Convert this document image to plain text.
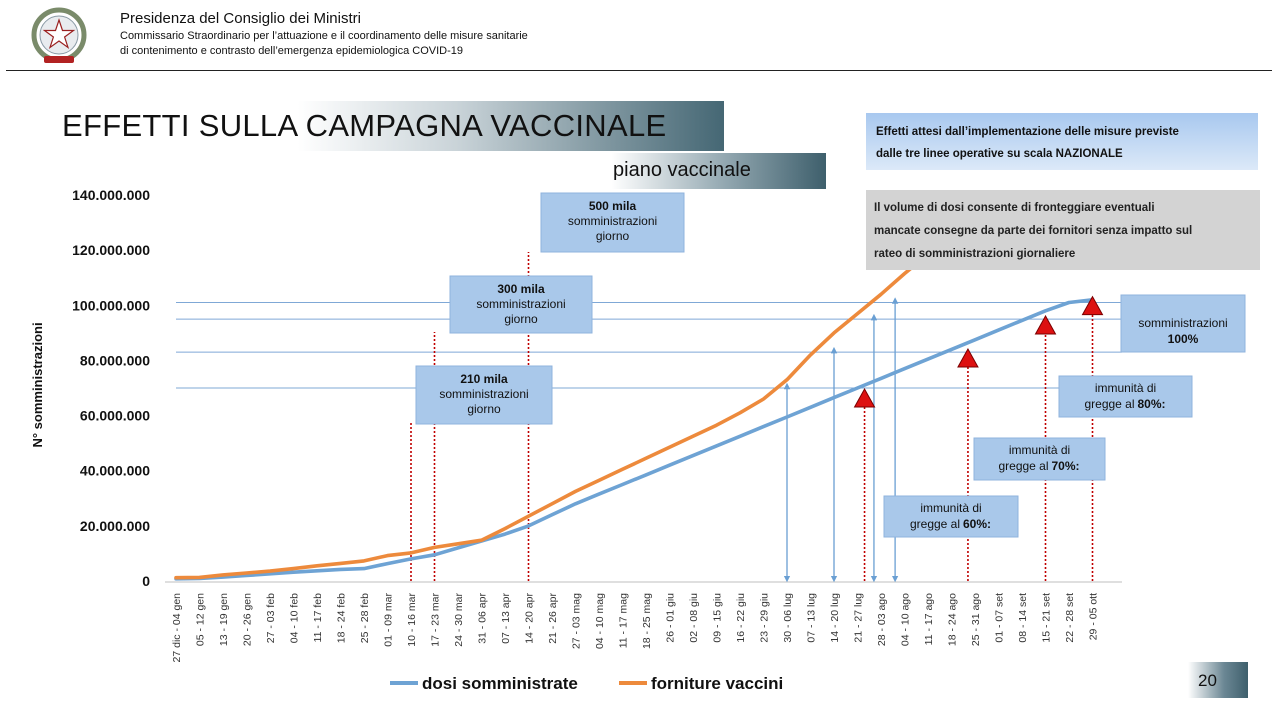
Presidenza del Consiglio dei Ministri
Commissario Straordinario per l’attuazione e il coordinamento delle misure sanitarie
di contenimento e contrasto dell’emergenza epidemiologica COVID-19
EFFETTI SULLA CAMPAGNA VACCINALE
piano vaccinale
0
20.000.000
40.000.000
60.000.000
80.000.000
100.000.000
120.000.000
140.000.000
N° somministrazioni
27 dic - 04 gen 05 - 12 gen 13 - 19 gen 20 - 26 gen 27 - 03 feb 04 - 10 feb 11 - 17 feb 18 - 24 feb 25 - 28 feb 01 - 09 mar 10 - 16 mar 17 - 23 mar 24 - 30 mar 31 - 06 apr 07 - 13 apr 14 - 20 apr 21 - 26 apr 27 - 03 mag 04 - 10 mag 11 - 17 mag 18 - 25 mag 26 - 01 giu 02 - 08 giu 09 - 15 giu 16 - 22 giu 23 - 29 giu 30 - 06 lug 07 - 13 lug 14 - 20 lug 21 - 27 lug 28 - 03 ago 04 - 10 ago 11 - 17 ago 18 - 24 ago 25 - 31 ago 01 - 07 set 08 - 14 set 15 - 21 set 22 - 28 set 29 - 05 ott
210 mila
somministrazioni
giorno
300 mila
somministrazioni
giorno
500 mila
somministrazioni
giorno
immunità di
gregge al 60%:
immunità di
gregge al 70%:
immunità di
gregge al 80%:
somministrazioni
100%
dosi somministrate	forniture vaccini
Effetti attesi dall’implementazione delle misure previste
dalle tre linee operative su scala NAZIONALE
Il volume di dosi consente di fronteggiare eventuali
mancate consegne da parte dei fornitori senza impatto sul
rateo di somministrazioni giornaliere
20
